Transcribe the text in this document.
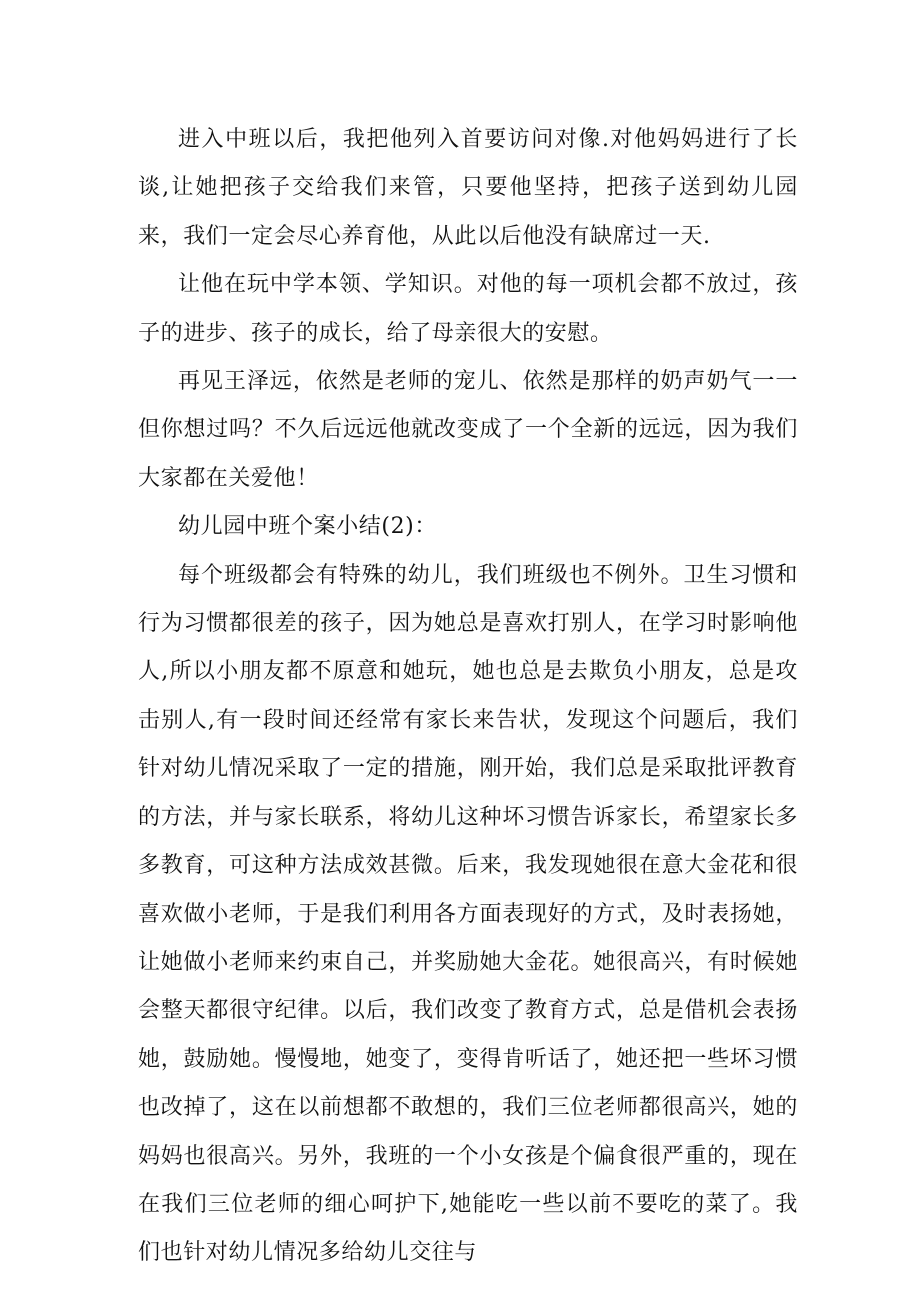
进入中班以后，我把他列入首要访问对像.对他妈妈进行了长谈,让她把孩子交给我们来管，只要他坚持，把孩子送到幼儿园来，我们一定会尽心养育他，从此以后他没有缺席过一天.

让他在玩中学本领、学知识。对他的每一项机会都不放过，孩子的进步、孩子的成长，给了母亲很大的安慰。

再见王泽远，依然是老师的宠儿、依然是那样的奶声奶气一一但你想过吗？不久后远远他就改变成了一个全新的远远，因为我们大家都在关爱他！

幼儿园中班个案小结(2)：

每个班级都会有特殊的幼儿，我们班级也不例外。卫生习惯和行为习惯都很差的孩子，因为她总是喜欢打别人，在学习时影响他人,所以小朋友都不原意和她玩，她也总是去欺负小朋友，总是攻击别人,有一段时间还经常有家长来告状，发现这个问题后，我们针对幼儿情况采取了一定的措施，刚开始，我们总是采取批评教育的方法，并与家长联系，将幼儿这种坏习惯告诉家长，希望家长多多教育，可这种方法成效甚微。后来，我发现她很在意大金花和很喜欢做小老师，于是我们利用各方面表现好的方式，及时表扬她，让她做小老师来约束自己，并奖励她大金花。她很高兴，有时候她会整天都很守纪律。以后，我们改变了教育方式，总是借机会表扬她，鼓励她。慢慢地，她变了，变得肯听话了，她还把一些坏习惯也改掉了，这在以前想都不敢想的，我们三位老师都很高兴，她的妈妈也很高兴。另外，我班的一个小女孩是个偏食很严重的，现在在我们三位老师的细心呵护下,她能吃一些以前不要吃的菜了。我们也针对幼儿情况多给幼儿交往与
